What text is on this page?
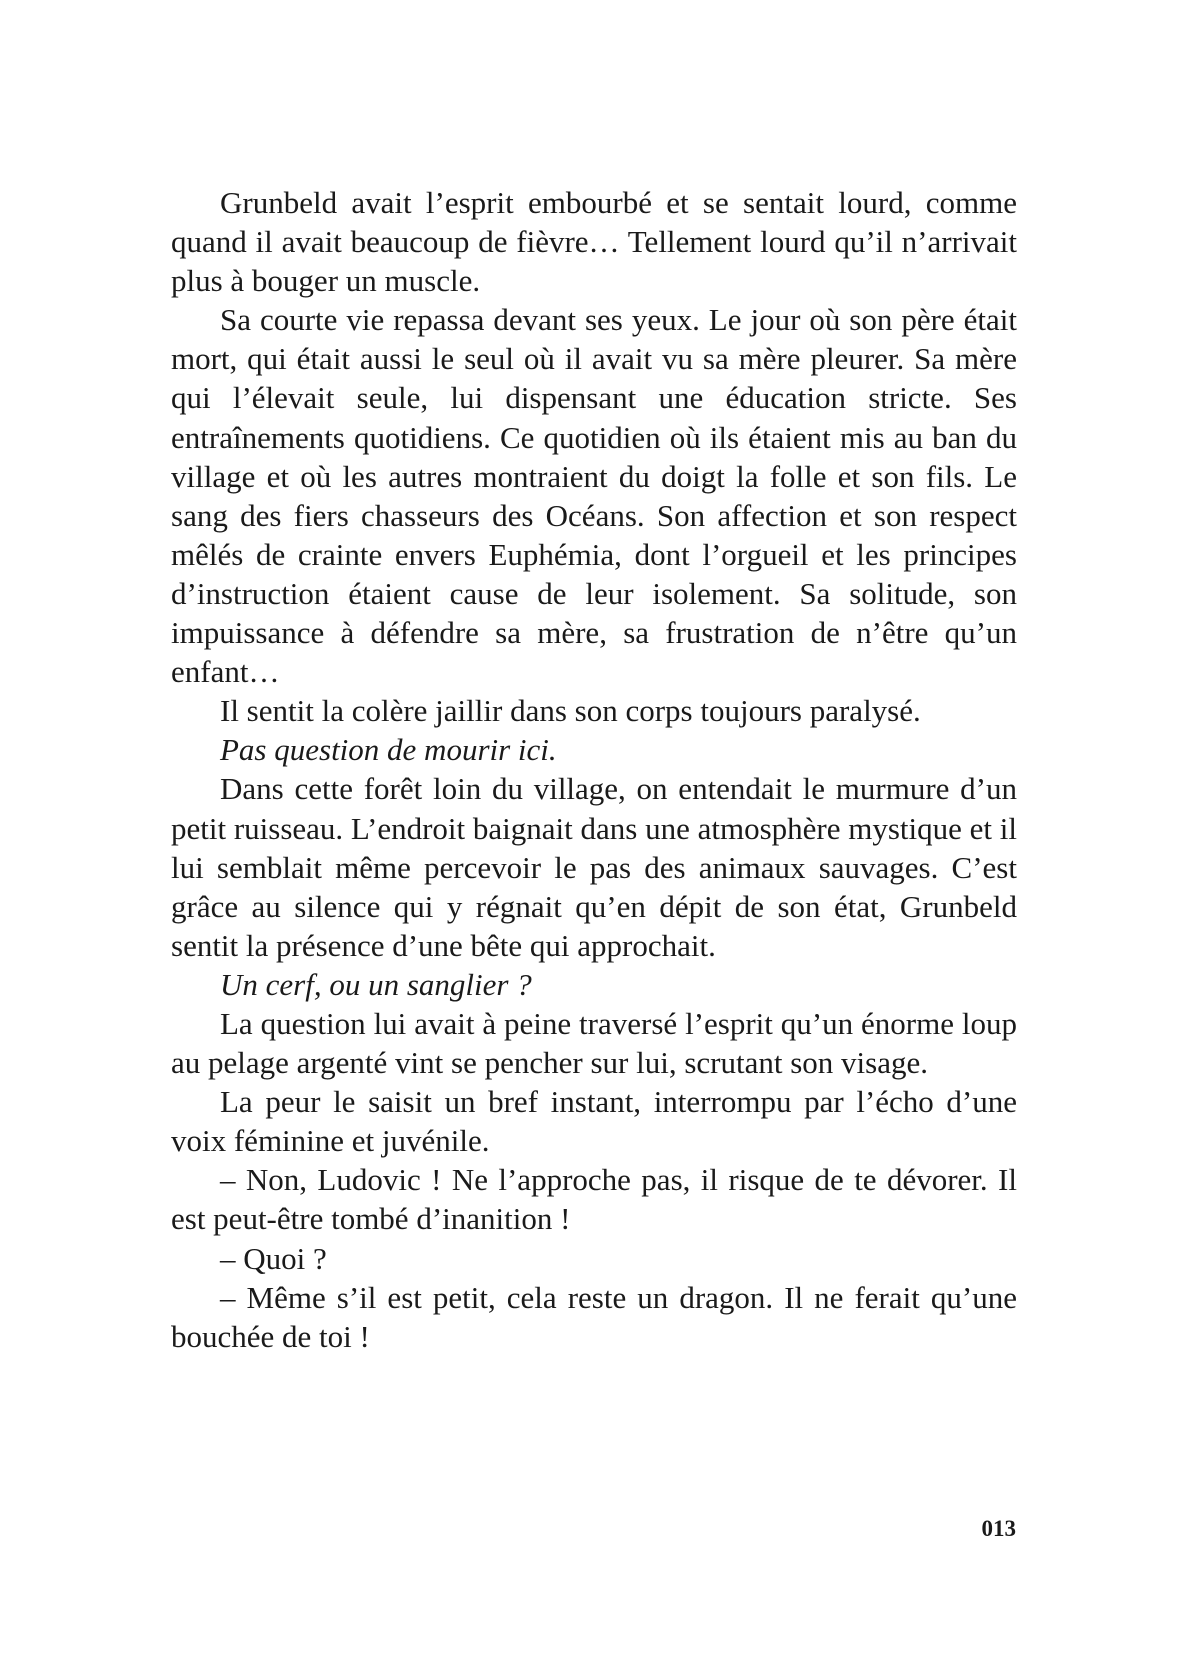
Grunbeld avait l’esprit embourbé et se sentait lourd, comme quand il avait beaucoup de fièvre… Tellement lourd qu’il n’arrivait plus à bouger un muscle.

Sa courte vie repassa devant ses yeux. Le jour où son père était mort, qui était aussi le seul où il avait vu sa mère pleurer. Sa mère qui l’élevait seule, lui dispensant une éducation stricte. Ses entraînements quotidiens. Ce quotidien où ils étaient mis au ban du village et où les autres montraient du doigt la folle et son fils. Le sang des fiers chasseurs des Océans. Son affection et son respect mêlés de crainte envers Euphémia, dont l’orgueil et les principes d’instruction étaient cause de leur isolement. Sa solitude, son impuissance à défendre sa mère, sa frustration de n’être qu’un enfant…

Il sentit la colère jaillir dans son corps toujours paralysé.

Pas question de mourir ici.

Dans cette forêt loin du village, on entendait le murmure d’un petit ruisseau. L’endroit baignait dans une atmosphère mystique et il lui semblait même percevoir le pas des animaux sauvages. C’est grâce au silence qui y régnait qu’en dépit de son état, Grunbeld sentit la présence d’une bête qui approchait.

Un cerf, ou un sanglier ?

La question lui avait à peine traversé l’esprit qu’un énorme loup au pelage argenté vint se pencher sur lui, scrutant son visage.

La peur le saisit un bref instant, interrompu par l’écho d’une voix féminine et juvénile.

– Non, Ludovic ! Ne l’approche pas, il risque de te dévorer. Il est peut-être tombé d’inanition !

– Quoi ?

– Même s’il est petit, cela reste un dragon. Il ne ferait qu’une bouchée de toi !

013
